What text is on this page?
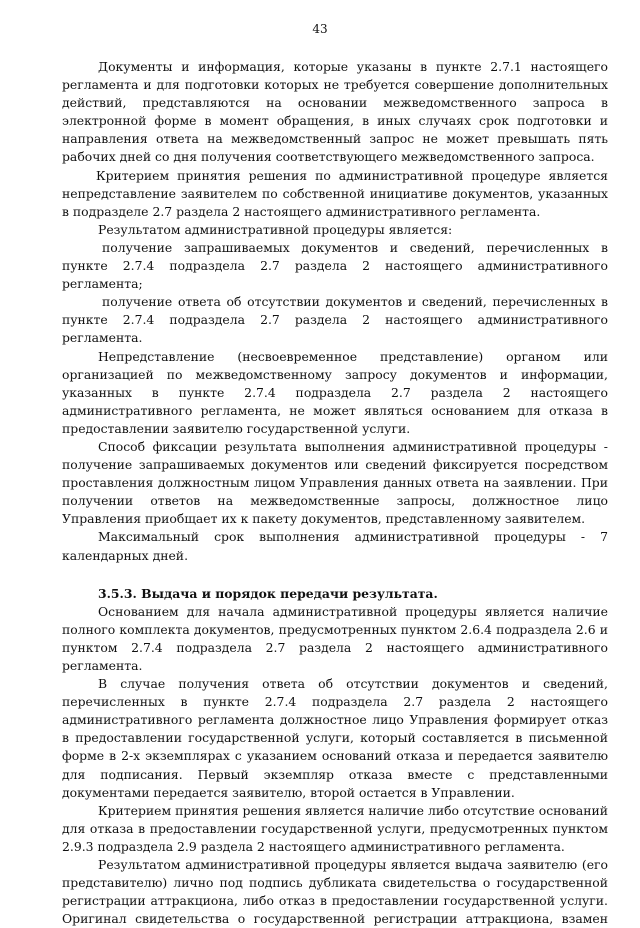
43

Документы и информация, которые указаны в пункте 2.7.1 настоящего регламента и для подготовки которых не требуется совершение дополнительных действий, представляются на основании межведомственного запроса в электронной форме в момент обращения, в иных случаях срок подготовки и направления ответа на межведомственный запрос не может превышать пять рабочих дней со дня получения соответствующего межведомственного запроса.

Критерием принятия решения по административной процедуре является непредставление заявителем по собственной инициативе документов, указанных в подразделе 2.7 раздела 2 настоящего административного регламента.

Результатом административной процедуры является:

получение запрашиваемых документов и сведений, перечисленных в пункте 2.7.4 подраздела 2.7 раздела 2 настоящего административного регламента;

получение ответа об отсутствии документов и сведений, перечисленных в пункте 2.7.4 подраздела 2.7 раздела 2 настоящего административного регламента.

Непредставление (несвоевременное представление) органом или организацией по межведомственному запросу документов и информации, указанных в пункте 2.7.4 подраздела 2.7 раздела 2 настоящего административного регламента, не может являться основанием для отказа в предоставлении заявителю государственной услуги.

Способ фиксации результата выполнения административной процедуры - получение запрашиваемых документов или сведений фиксируется посредством проставления должностным лицом Управления данных ответа на заявлении. При получении ответов на межведомственные запросы, должностное лицо Управления приобщает их к пакету документов, представленному заявителем.

Максимальный срок выполнения административной процедуры - 7 календарных дней.

3.5.3. Выдача и порядок передачи результата.

Основанием для начала административной процедуры является наличие полного комплекта документов, предусмотренных пунктом 2.6.4 подраздела 2.6 и пунктом 2.7.4 подраздела 2.7 раздела 2 настоящего административного регламента.

В случае получения ответа об отсутствии документов и сведений, перечисленных в пункте 2.7.4 подраздела 2.7 раздела 2 настоящего административного регламента должностное лицо Управления формирует отказ в предоставлении государственной услуги, который составляется в письменной форме в 2-х экземплярах с указанием оснований отказа и передается заявителю для подписания. Первый экземпляр отказа вместе с представленными документами передается заявителю, второй остается в Управлении.

Критерием принятия решения является наличие либо отсутствие оснований для отказа в предоставлении государственной услуги, предусмотренных пунктом 2.9.3 подраздела 2.9 раздела 2 настоящего административного регламента.

Результатом административной процедуры является выдача заявителю (его представителю) лично под подпись дубликата свидетельства о государственной регистрации аттракциона, либо отказ в предоставлении государственной услуги. Оригинал свидетельства о государственной регистрации аттракциона, взамен
